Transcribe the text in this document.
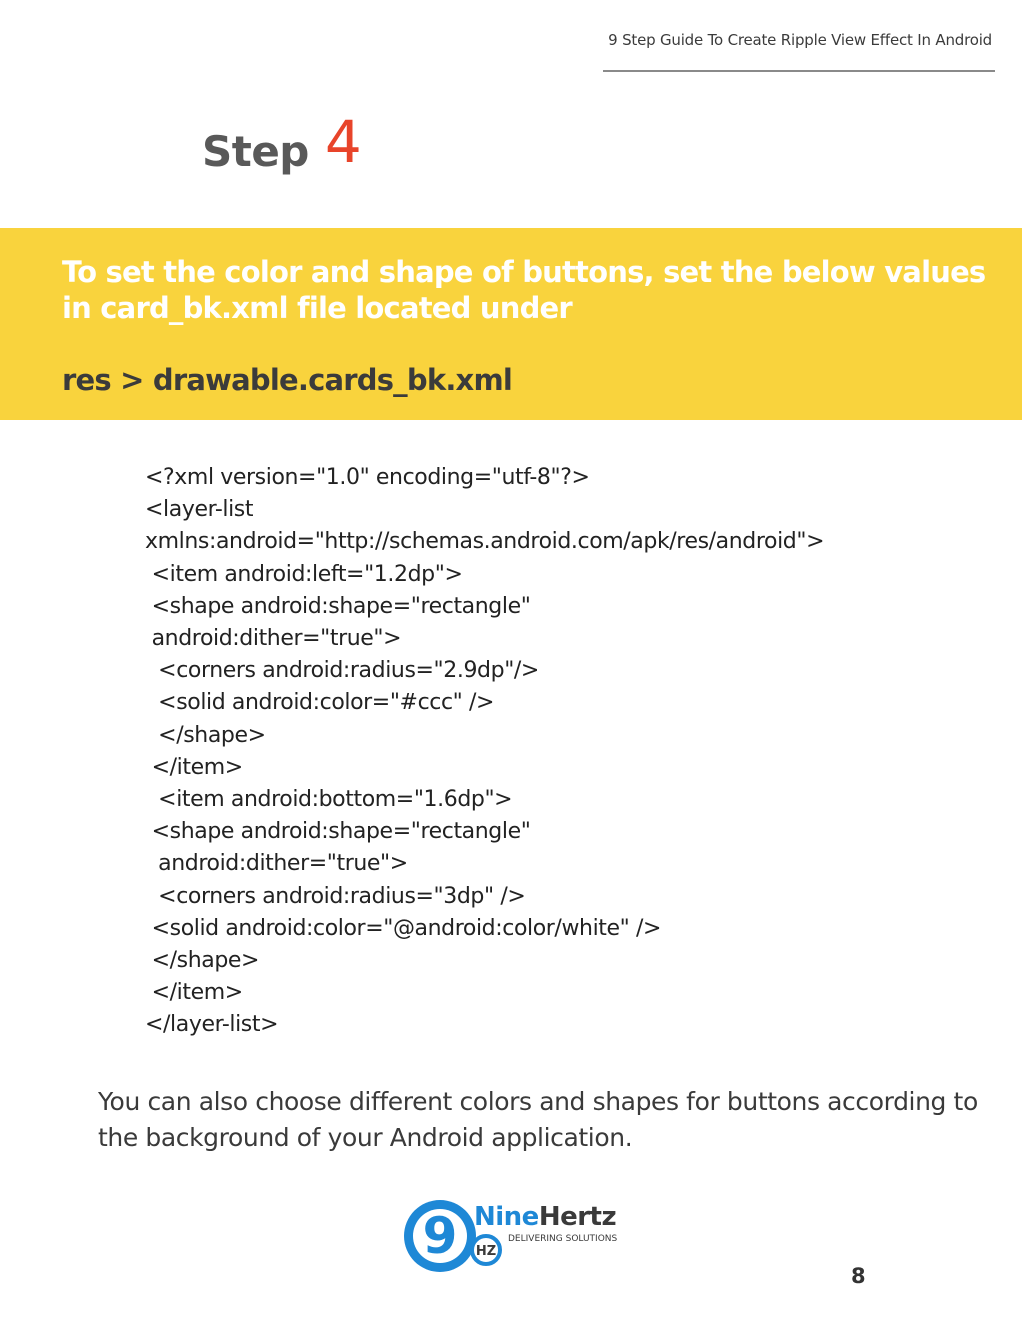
9 Step Guide To Create Ripple View Effect In Android
Step 4
To set the color and shape of buttons, set the below values in card_bk.xml file located under
res > drawable.cards_bk.xml
<?xml version="1.0" encoding="utf-8"?>
<layer-list
xmlns:android="http://schemas.android.com/apk/res/android">
<item android:left="1.2dp">
<shape android:shape="rectangle"
android:dither="true">
<corners android:radius="2.9dp"/>
<solid android:color="#ccc" />
</shape>
</item>
<item android:bottom="1.6dp">
<shape android:shape="rectangle"
android:dither="true">
<corners android:radius="3dp" />
<solid android:color="@android:color/white" />
</shape>
</item>
</layer-list>
You can also choose different colors and shapes for buttons according to the background of your Android application.
9 HZ
NineHertz
DELIVERING SOLUTIONS
8
